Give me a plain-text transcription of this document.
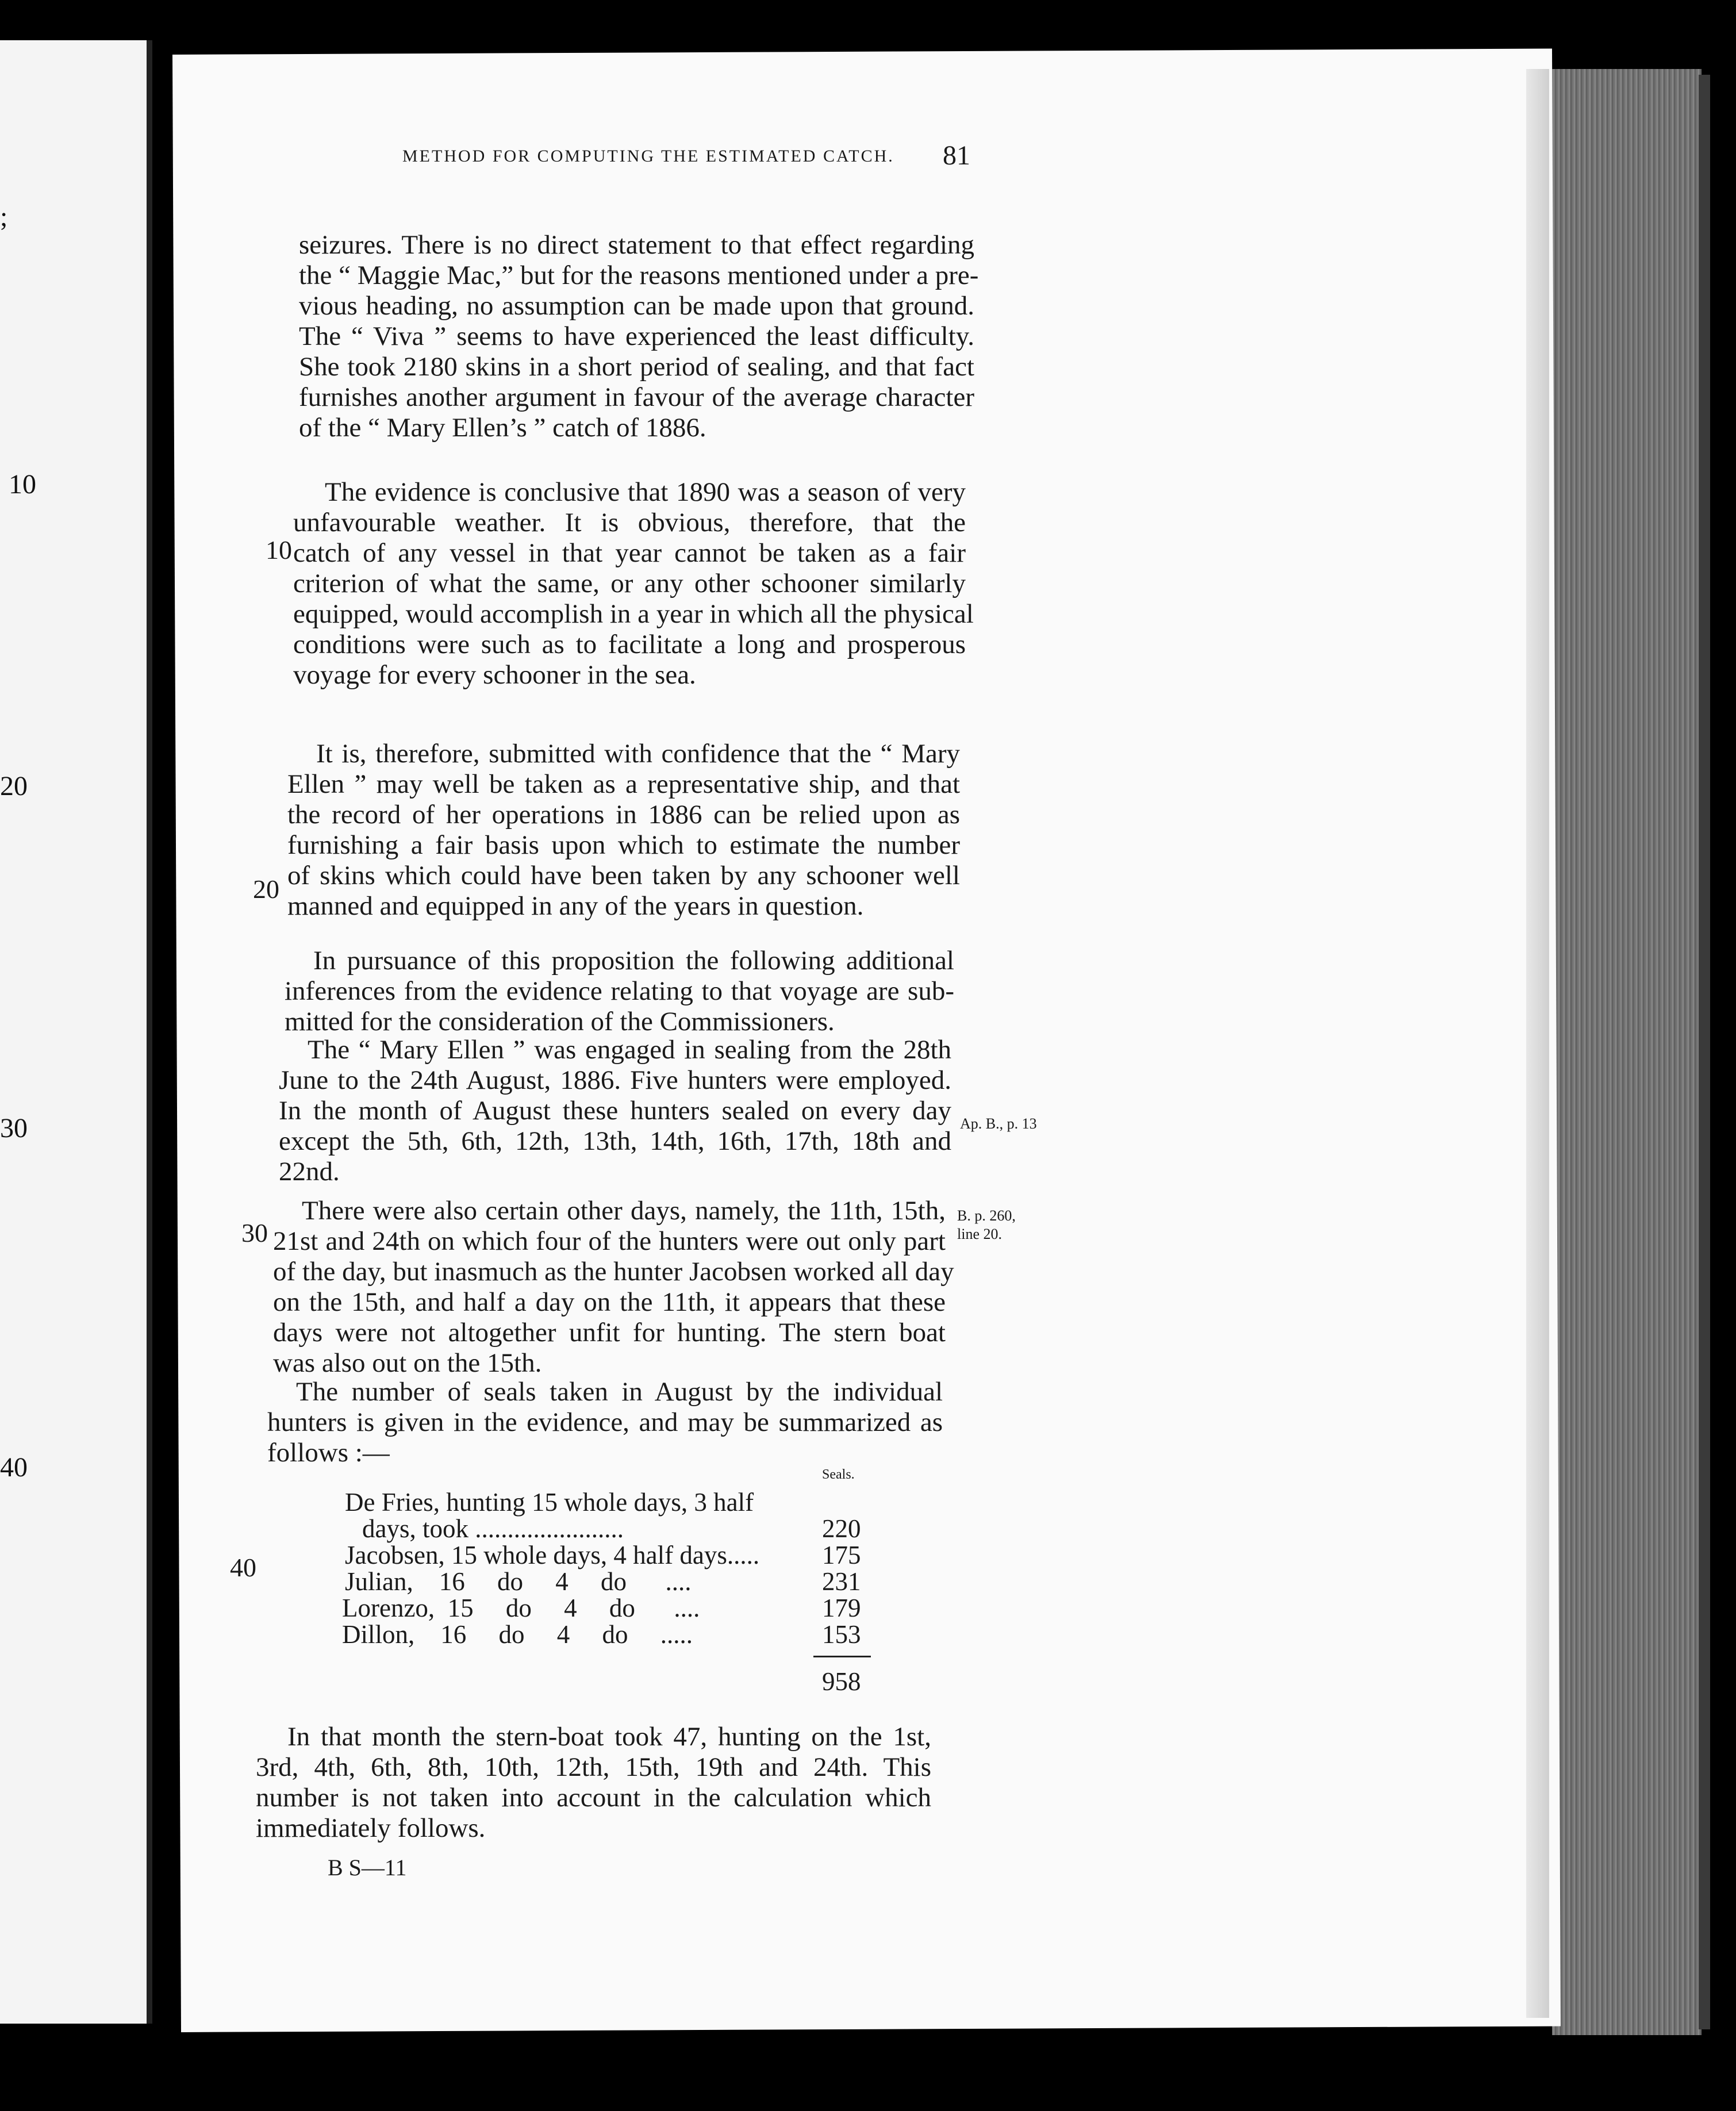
;
10
20
30
40
METHOD FOR COMPUTING THE ESTIMATED CATCH. 81
seizures. There is no direct statement to that effect regarding
the “ Maggie Mac,” but for the reasons mentioned under a pre-
vious heading, no assumption can be made upon that ground.
The “ Viva ” seems to have experienced the least difficulty.
She took 2180 skins in a short period of sealing, and that fact
furnishes another argument in favour of the average character
of the “ Mary Ellen’s ” catch of 1886.
The evidence is conclusive that 1890 was a season of very
unfavourable weather. It is obvious, therefore, that the
catch of any vessel in that year cannot be taken as a fair
criterion of what the same, or any other schooner similarly
equipped, would accomplish in a year in which all the physical
conditions were such as to facilitate a long and prosperous
voyage for every schooner in the sea.
10
It is, therefore, submitted with confidence that the “ Mary
Ellen ” may well be taken as a representative ship, and that
the record of her operations in 1886 can be relied upon as
furnishing a fair basis upon which to estimate the number
of skins which could have been taken by any schooner well
manned and equipped in any of the years in question.
20
In pursuance of this proposition the following additional
inferences from the evidence relating to that voyage are sub-
mitted for the consideration of the Commissioners.
The “ Mary Ellen ” was engaged in sealing from the 28th
June to the 24th August, 1886. Five hunters were employed.
In the month of August these hunters sealed on every day
except the 5th, 6th, 12th, 13th, 14th, 16th, 17th, 18th and
22nd.
Ap. B., p. 13
There were also certain other days, namely, the 11th, 15th,
21st and 24th on which four of the hunters were out only part
of the day, but inasmuch as the hunter Jacobsen worked all day
on the 15th, and half a day on the 11th, it appears that these
days were not altogether unfit for hunting. The stern boat
was also out on the 15th.
30
B. p. 260,
line 20.
The number of seals taken in August by the individual
hunters is given in the evidence, and may be summarized as
follows :—
Seals.
De Fries, hunting 15 whole days, 3 half
days, took .......................	220
Jacobsen, 15 whole days, 4 half days..... 175
Julian,    16     do     4     do      ....	231
Lorenzo,  15     do     4     do      ....	179
Dillon,    16     do     4     do     .....	153
958
40
In that month the stern-boat took 47, hunting on the 1st,
3rd, 4th, 6th, 8th, 10th, 12th, 15th, 19th and 24th. This
number is not taken into account in the calculation which
immediately follows.
B S—11
